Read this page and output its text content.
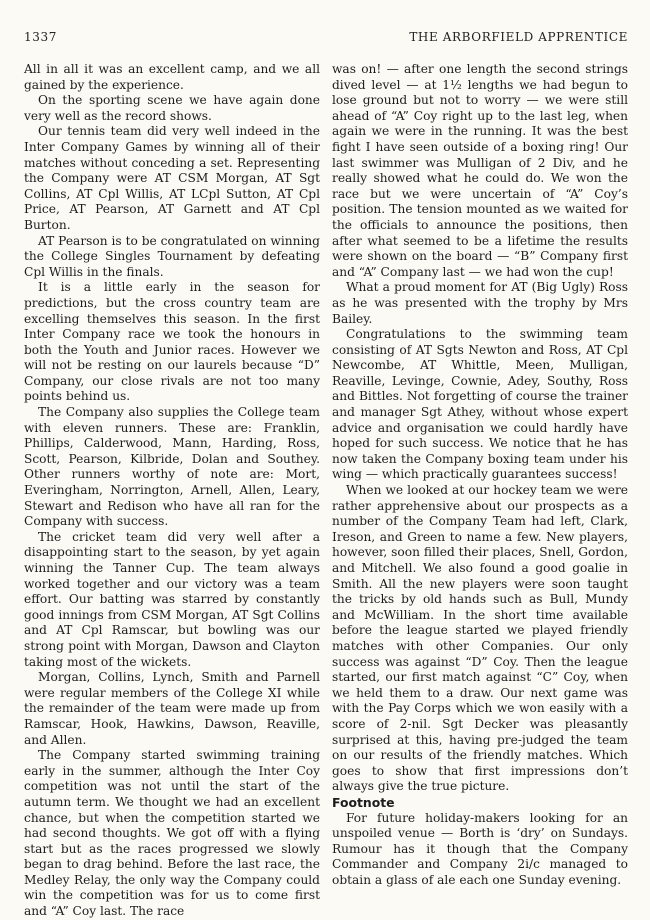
1337	THE ARBORFIELD APPRENTICE

All in all it was an excellent camp, and we all gained by the experience.

On the sporting scene we have again done very well as the record shows.

Our tennis team did very well indeed in the Inter Company Games by winning all of their matches without conceding a set. Representing the Company were AT CSM Morgan, AT Sgt Collins, AT Cpl Willis, AT LCpl Sutton, AT Cpl Price, AT Pearson, AT Garnett and AT Cpl Burton.

AT Pearson is to be congratulated on winning the College Singles Tournament by defeating Cpl Willis in the finals.

It is a little early in the season for predictions, but the cross country team are excelling themselves this season. In the first Inter Company race we took the honours in both the Youth and Junior races. However we will not be resting on our laurels because “D” Company, our close rivals are not too many points behind us.

The Company also supplies the College team with eleven runners. These are: Franklin, Phillips, Calderwood, Mann, Harding, Ross, Scott, Pearson, Kilbride, Dolan and Southey. Other runners worthy of note are: Mort, Everingham, Norrington, Arnell, Allen, Leary, Stewart and Redison who have all ran for the Company with success.

The cricket team did very well after a disappointing start to the season, by yet again winning the Tanner Cup. The team always worked together and our victory was a team effort. Our batting was starred by constantly good innings from CSM Morgan, AT Sgt Collins and AT Cpl Ramscar, but bowling was our strong point with Morgan, Dawson and Clayton taking most of the wickets.

Morgan, Collins, Lynch, Smith and Parnell were regular members of the College XI while the remainder of the team were made up from Ramscar, Hook, Hawkins, Dawson, Reaville, and Allen.

The Company started swimming training early in the summer, although the Inter Coy competition was not until the start of the autumn term. We thought we had an excellent chance, but when the competition started we had second thoughts. We got off with a flying start but as the races progressed we slowly began to drag behind. Before the last race, the Medley Relay, the only way the Company could win the competition was for us to come first and “A” Coy last. The race

was on! — after one length the second strings dived level — at 1½ lengths we had begun to lose ground but not to worry — we were still ahead of “A” Coy right up to the last leg, when again we were in the running. It was the best fight I have seen outside of a boxing ring! Our last swimmer was Mulligan of 2 Div, and he really showed what he could do. We won the race but we were uncertain of “A” Coy’s position. The tension mounted as we waited for the officials to announce the positions, then after what seemed to be a lifetime the results were shown on the board — “B” Company first and “A” Company last — we had won the cup!

What a proud moment for AT (Big Ugly) Ross as he was presented with the trophy by Mrs Bailey.

Congratulations to the swimming team consisting of AT Sgts Newton and Ross, AT Cpl Newcombe, AT Whittle, Meen, Mulligan, Reaville, Levinge, Cownie, Adey, Southy, Ross and Bittles. Not forgetting of course the trainer and manager Sgt Athey, without whose expert advice and organisation we could hardly have hoped for such success. We notice that he has now taken the Company boxing team under his wing — which practically guarantees success!

When we looked at our hockey team we were rather apprehensive about our prospects as a number of the Company Team had left, Clark, Ireson, and Green to name a few. New players, however, soon filled their places, Snell, Gordon, and Mitchell. We also found a good goalie in Smith. All the new players were soon taught the tricks by old hands such as Bull, Mundy and McWilliam. In the short time available before the league started we played friendly matches with other Companies. Our only success was against “D” Coy. Then the league started, our first match against “C” Coy, when we held them to a draw. Our next game was with the Pay Corps which we won easily with a score of 2-nil. Sgt Decker was pleasantly surprised at this, having pre-judged the team on our results of the friendly matches. Which goes to show that first impressions don’t always give the true picture.

Footnote

For future holiday-makers looking for an unspoiled venue — Borth is ‘dry’ on Sundays. Rumour has it though that the Company Commander and Company 2i/c managed to obtain a glass of ale each one Sunday evening.
